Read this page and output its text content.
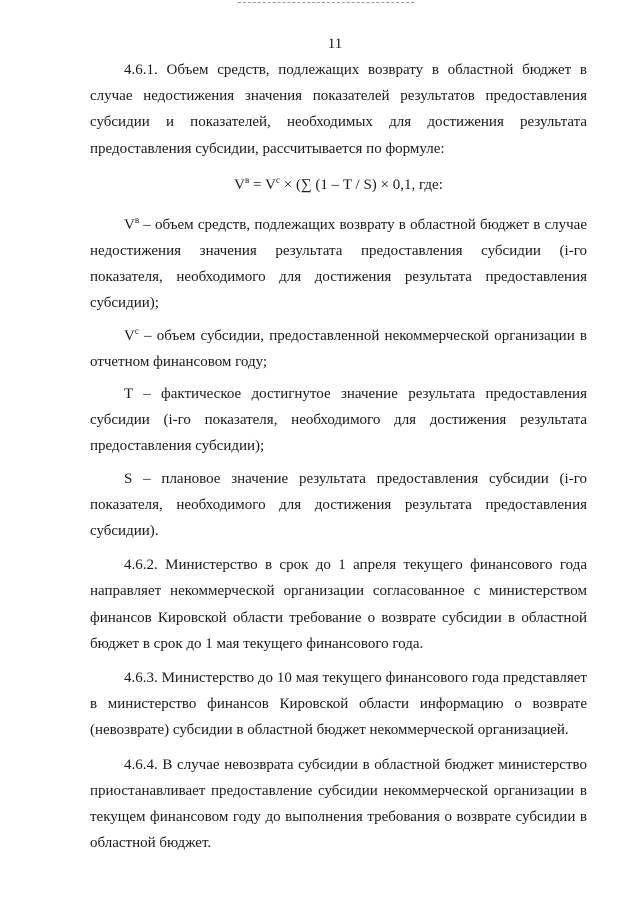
11

4.6.1. Объем средств, подлежащих возврату в областной бюджет в случае недостижения значения показателей результатов предоставления субсидии и показателей, необходимых для достижения результата предоставления субсидии, рассчитывается по формуле:

$V^в = V^с$ × (∑ (1 – T / S) × 0,1, где:

$V^в$ – объем средств, подлежащих возврату в областной бюджет в случае недостижения значения результата предоставления субсидии (i-го показателя, необходимого для достижения результата предоставления субсидии);

$V^с$ – объем субсидии, предоставленной некоммерческой организации в отчетном финансовом году;

T – фактическое достигнутое значение результата предоставления субсидии (i-го показателя, необходимого для достижения результата предоставления субсидии);

S – плановое значение результата предоставления субсидии (i-го показателя, необходимого для достижения результата предоставления субсидии).

4.6.2. Министерство в срок до 1 апреля текущего финансового года направляет некоммерческой организации согласованное с министерством финансов Кировской области требование о возврате субсидии в областной бюджет в срок до 1 мая текущего финансового года.

4.6.3. Министерство до 10 мая текущего финансового года представляет в министерство финансов Кировской области информацию о возврате (невозврате) субсидии в областной бюджет некоммерческой организацией.

4.6.4. В случае невозврата субсидии в областной бюджет министерство приостанавливает предоставление субсидии некоммерческой организации в текущем финансовом году до выполнения требования о возврате субсидии в областной бюджет.
